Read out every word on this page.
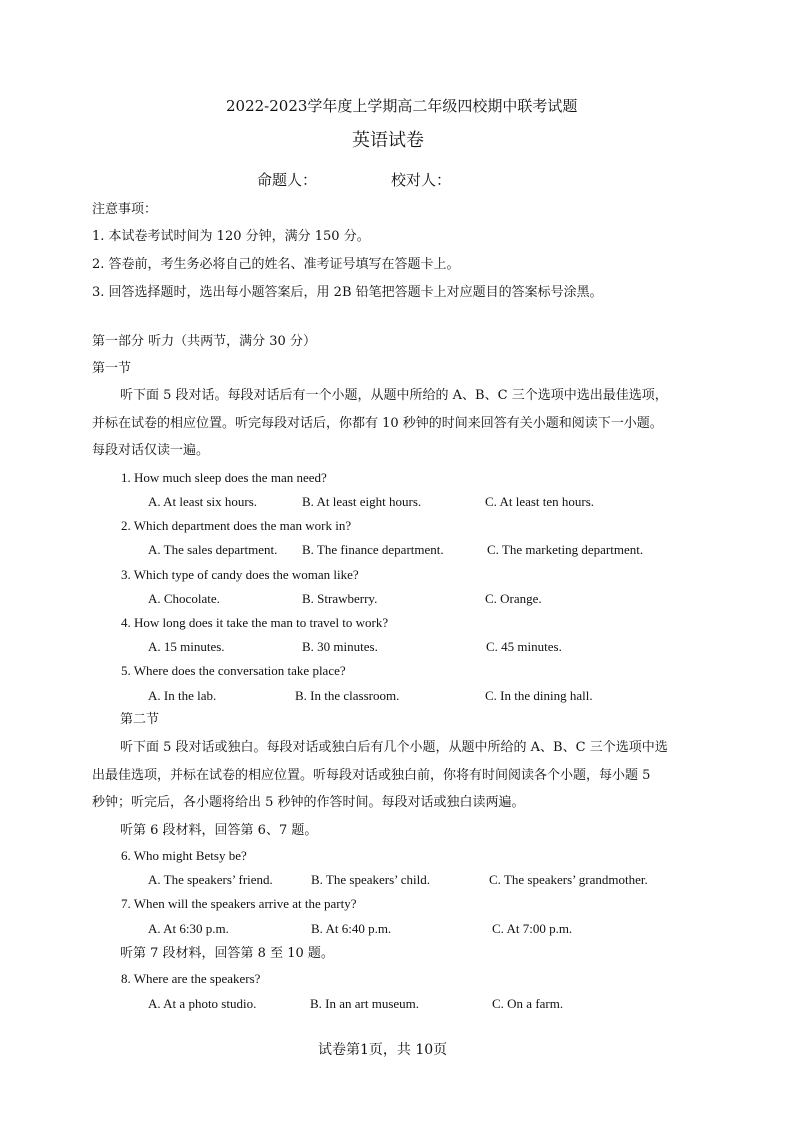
2022-2023学年度上学期高二年级四校期中联考试题
英语试卷
命题人：	校对人：
注意事项：
1. 本试卷考试时间为 120 分钟，满分 150 分。
2. 答卷前，考生务必将自己的姓名、准考证号填写在答题卡上。
3. 回答选择题时，选出每小题答案后，用 2B 铅笔把答题卡上对应题目的答案标号涂黑。
第一部分 听力（共两节，满分 30 分）
第一节
听下面 5 段对话。每段对话后有一个小题，从题中所给的 A、B、C 三个选项中选出最佳选项，
并标在试卷的相应位置。听完每段对话后，你都有 10 秒钟的时间来回答有关小题和阅读下一小题。
每段对话仅读一遍。
1. How much sleep does the man need?
A. At least six hours.	B. At least eight hours.	C. At least ten hours.
2. Which department does the man work in?
A. The sales department. B. The finance department.	C. The marketing department.
3. Which type of candy does the woman like?
A. Chocolate.	B. Strawberry.	C. Orange.
4. How long does it take the man to travel to work?
A. 15 minutes.	B. 30 minutes.	C. 45 minutes.
5. Where does the conversation take place?
A. In the lab.	B. In the classroom.	C. In the dining hall.
第二节
听下面 5 段对话或独白。每段对话或独白后有几个小题，从题中所给的 A、B、C 三个选项中选
出最佳选项，并标在试卷的相应位置。听每段对话或独白前，你将有时间阅读各个小题，每小题 5
秒钟；听完后，各小题将给出 5 秒钟的作答时间。每段对话或独白读两遍。
听第 6 段材料，回答第 6、7 题。
6. Who might Betsy be?
A. The speakers’ friend.	B. The speakers’ child.	C. The speakers’ grandmother.
7. When will the speakers arrive at the party?
A. At 6:30 p.m.	B. At 6:40 p.m.	C. At 7:00 p.m.
听第 7 段材料，回答第 8 至 10 题。
8. Where are the speakers?
A. At a photo studio.	B. In an art museum.	C. On a farm.
试卷第1页，共 10页
